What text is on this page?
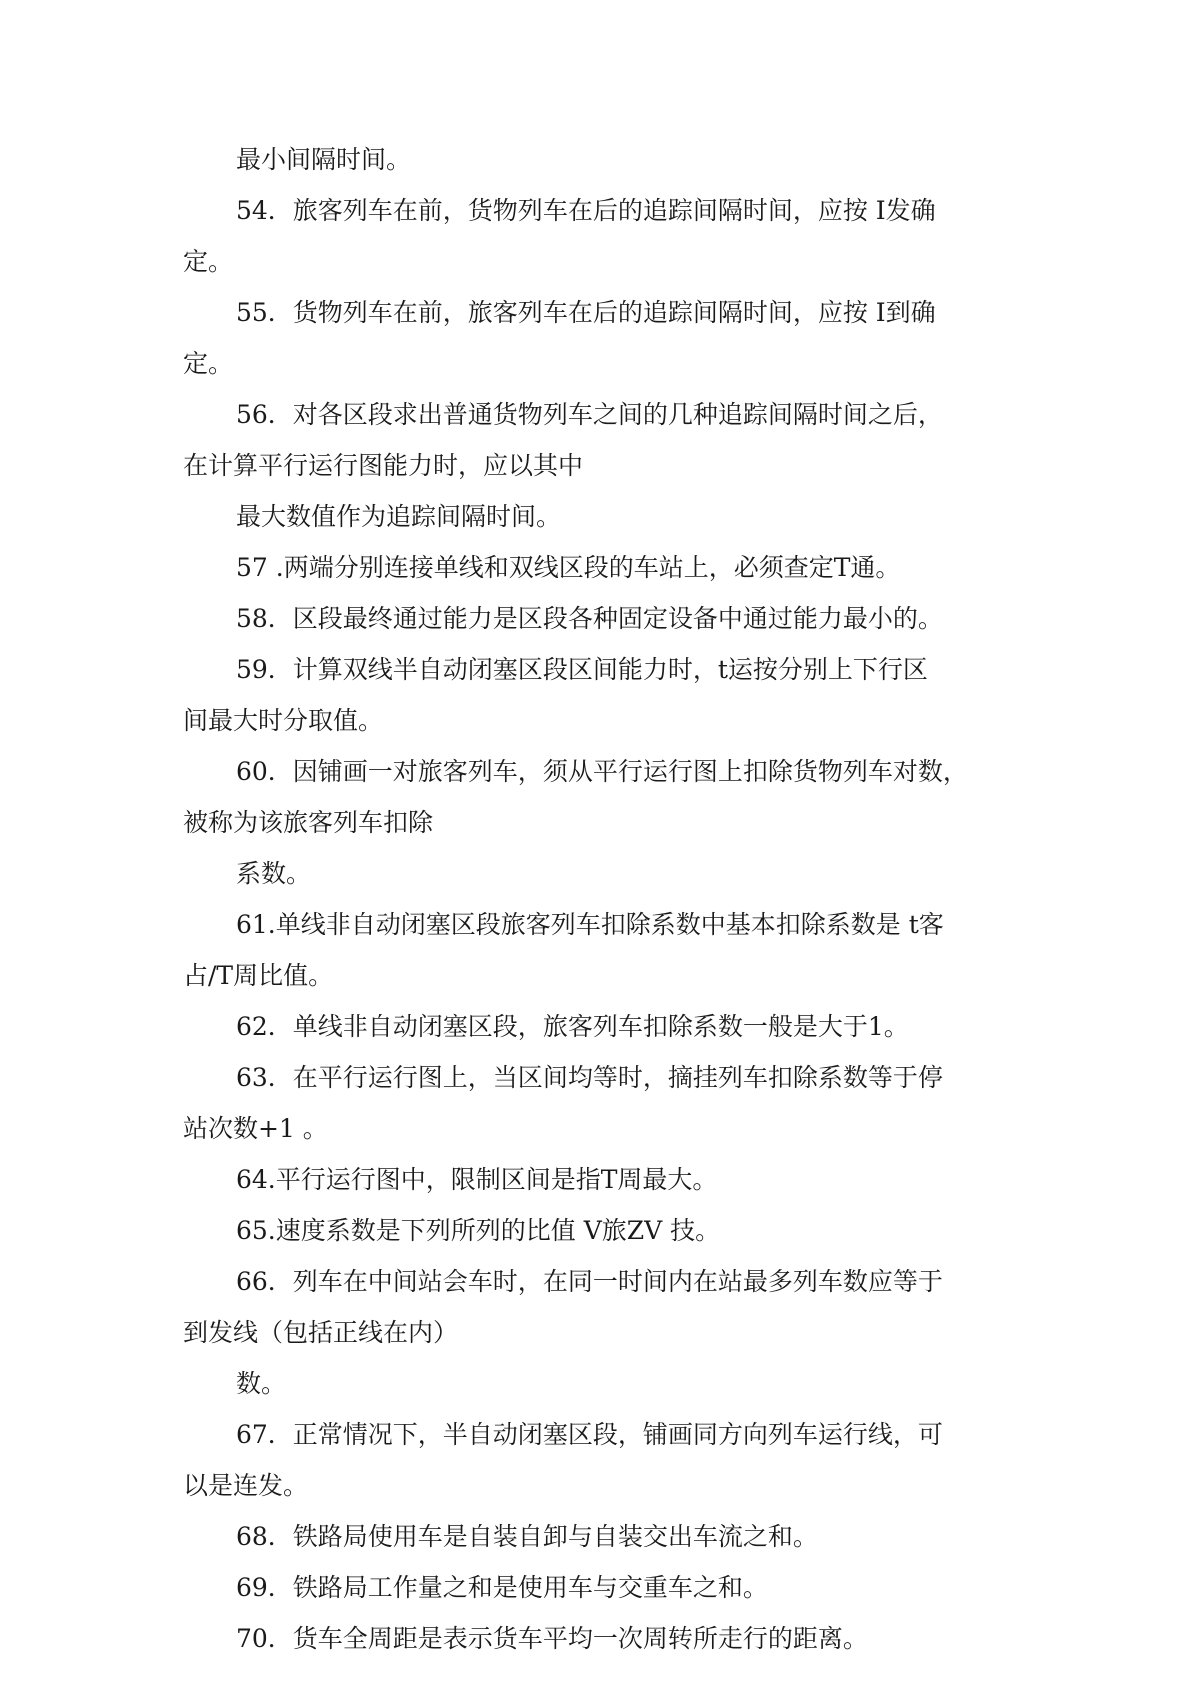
最小间隔时间。
54．旅客列车在前，货物列车在后的追踪间隔时间，应按 I发确
定。
55．货物列车在前，旅客列车在后的追踪间隔时间，应按 I到确
定。
56．对各区段求出普通货物列车之间的几种追踪间隔时间之后，
在计算平行运行图能力时，应以其中
最大数值作为追踪间隔时间。
57 .两端分别连接单线和双线区段的车站上，必须查定T通。
58．区段最终通过能力是区段各种固定设备中通过能力最小的。
59．计算双线半自动闭塞区段区间能力时，t运按分别上下行区
间最大时分取值。
60．因铺画一对旅客列车，须从平行运行图上扣除货物列车对数，
被称为该旅客列车扣除
系数。
61.单线非自动闭塞区段旅客列车扣除系数中基本扣除系数是 t客
占/T周比值。
62．单线非自动闭塞区段，旅客列车扣除系数一般是大于1。
63．在平行运行图上，当区间均等时，摘挂列车扣除系数等于停
站次数+1 。
64.平行运行图中，限制区间是指T周最大。
65.速度系数是下列所列的比值 V旅ZV 技。
66．列车在中间站会车时，在同一时间内在站最多列车数应等于
到发线（包括正线在内）
数。
67．正常情况下，半自动闭塞区段，铺画同方向列车运行线，可
以是连发。
68．铁路局使用车是自装自卸与自装交出车流之和。
69．铁路局工作量之和是使用车与交重车之和。
70．货车全周距是表示货车平均一次周转所走行的距离。
